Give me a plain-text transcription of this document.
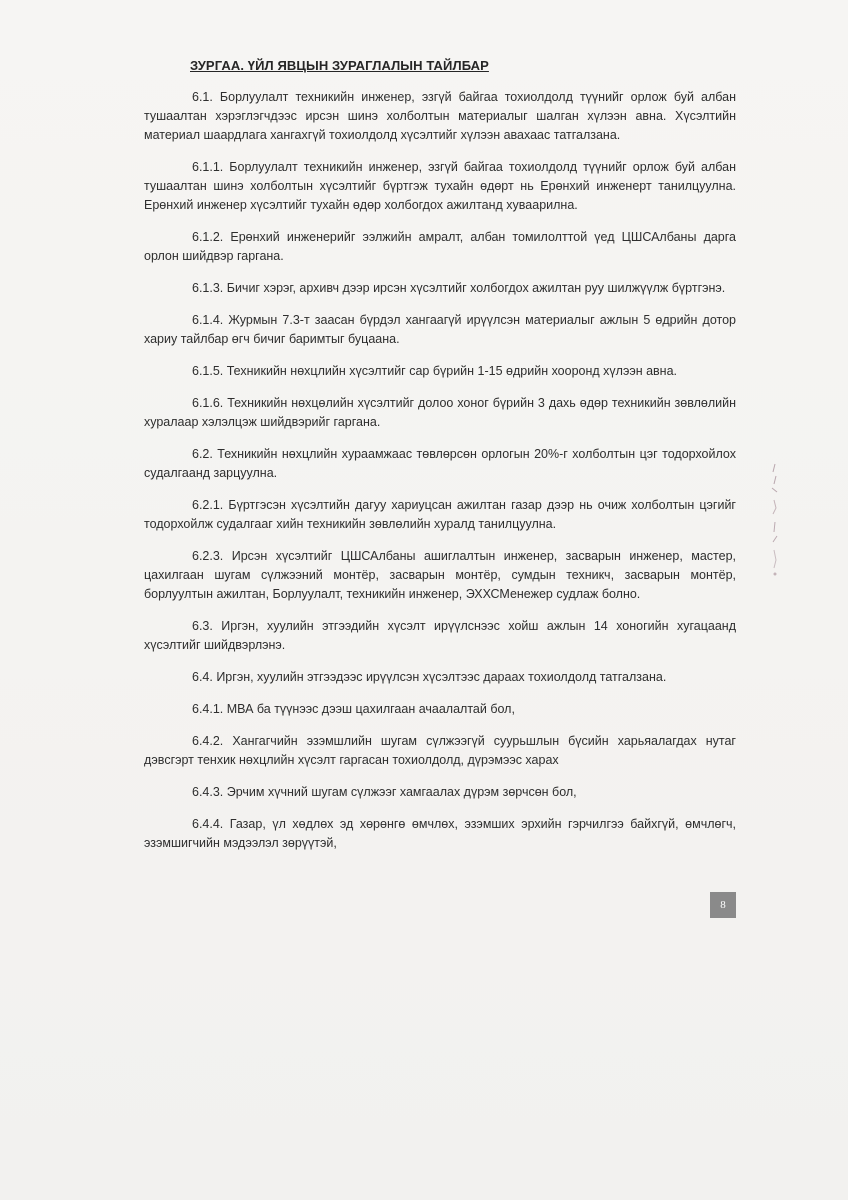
ЗУРГАА. ҮЙЛ ЯВЦЫН ЗУРАГЛАЛЫН ТАЙЛБАР

6.1. Борлуулалт техникийн инженер, эзгүй байгаа тохиолдолд түүнийг орлож буй албан тушаалтан хэрэглэгчдээс ирсэн шинэ холболтын материалыг шалган хүлээн авна. Хүсэлтийн материал шаардлага хангахгүй тохиолдолд хүсэлтийг хүлээн авахаас татгалзана.

6.1.1. Борлуулалт техникийн инженер, эзгүй байгаа тохиолдолд түүнийг орлож буй албан тушаалтан шинэ холболтын хүсэлтийг бүртгэж тухайн өдөрт нь Ерөнхий инженерт танилцуулна. Ерөнхий инженер хүсэлтийг тухайн өдөр холбогдох ажилтанд хуваарилна.

6.1.2. Ерөнхий инженерийг ээлжийн амралт, албан томилолттой үед ЦШСАлбаны дарга орлон шийдвэр гаргана.

6.1.3. Бичиг хэрэг, архивч дээр ирсэн хүсэлтийг холбогдох ажилтан руу шилжүүлж бүртгэнэ.

6.1.4. Журмын 7.3-т заасан бүрдэл хангаагүй ирүүлсэн материалыг ажлын 5 өдрийн дотор хариу тайлбар өгч бичиг баримтыг буцаана.

6.1.5. Техникийн нөхцлийн хүсэлтийг сар бүрийн 1-15 өдрийн хооронд хүлээн авна.

6.1.6. Техникийн нөхцөлийн хүсэлтийг долоо хоног бүрийн 3 дахь өдөр техникийн зөвлөлийн хуралаар хэлэлцэж шийдвэрийг гаргана.

6.2. Техникийн нөхцлийн хураамжаас төвлөрсөн орлогын 20%-г холболтын цэг тодорхойлох судалгаанд зарцуулна.

6.2.1. Бүртгэсэн хүсэлтийн дагуу хариуцсан ажилтан газар дээр нь очиж холболтын цэгийг тодорхойлж судалгааг хийн техникийн зөвлөлийн хуралд танилцуулна.

6.2.3. Ирсэн хүсэлтийг ЦШСАлбаны ашиглалтын инженер, засварын инженер, мастер, цахилгаан шугам сүлжээний монтёр, засварын монтёр, сумдын техникч, засварын монтёр, борлуултын ажилтан, Борлуулалт, техникийн инженер, ЭХХСМенежер судлаж болно.

6.3. Иргэн, хуулийн этгээдийн хүсэлт ирүүлснээс хойш ажлын 14 хоногийн хугацаанд хүсэлтийг шийдвэрлэнэ.

6.4. Иргэн, хуулийн этгээдээс ирүүлсэн хүсэлтээс дараах тохиолдолд татгалзана.

6.4.1. МВА ба түүнээс дээш цахилгаан ачаалалтай бол,

6.4.2. Хангагчийн эзэмшлийн шугам сүлжээгүй суурьшлын бүсийн харьяалагдах нутаг дэвсгэрт тенхик нөхцлийн хүсэлт гаргасан тохиолдолд, дүрэмээс харах

6.4.3. Эрчим хүчний шугам сүлжээг хамгаалах дүрэм зөрчсөн бол,

6.4.4. Газар, үл хөдлөх эд хөрөнгө өмчлөх, эзэмших эрхийн гэрчилгээ байхгүй, өмчлөгч, эзэмшигчийн мэдээлэл зөрүүтэй,

8
